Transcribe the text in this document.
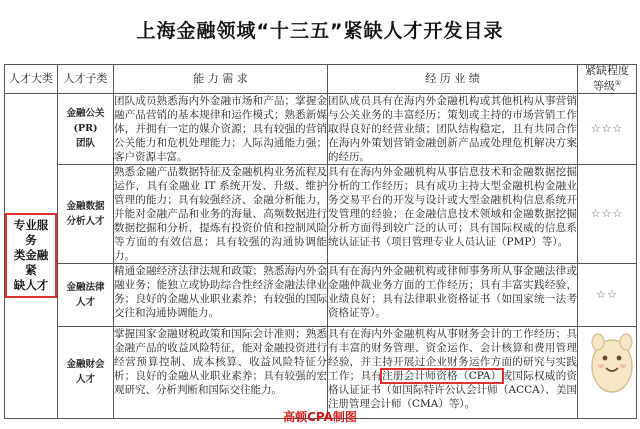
上海金融领域“十三五”紧缺人才开发目录
人才大类	人才子类	能 力 需 求	经 历 业 绩	紧缺程度
等级①
专业服务
类金融紧
缺人才	金融公关
(PR)
团队	团队成员熟悉海内外金融市场和产品；掌握金融产品营销的基本规律和运作模式；熟悉新媒体，并拥有一定的媒介资源；具有较强的营销公关能力和危机处理能力；人际沟通能力强；客户资源丰富。	团队成员具有在海内外金融机构或其他机构从事营销与公关业务的丰富经历；策划或主持的市场营销工作取得良好的经营业绩；团队结构稳定，且有共同合作在海内外策划营销金融创新产品或处理危机解决方案的经历。	☆☆☆
	金融数据
分析人才	熟悉金融产品数据特征及金融机构业务流程及运作，具有金融业 IT 系统开发、升级、维护管理的能力；具有较强经济、金融分析能力，并能对金融产品和业务的海量、高频数据进行数据挖掘和分析，提炼有投资价值和控制风险等方面的有效信息；具有较强的沟通协调能力。	具有在海内外金融机构从事信息技术和金融数据挖掘分析的工作经历；具有成功主持大型金融机构金融业务交易平台的开发与设计或大型金融机构信息系统开发管理的经验；在金融信息技术领域和金融数据挖掘分析方面得到较广泛的认可；具有国际权威的信息系统认证证书（项目管理专业人员认证（PMP）等）。	☆☆☆
	金融法律
人才	精通金融经济法律法规和政策；熟悉海内外金融业务；能独立或协助综合性经济金融法律业务；良好的金融从业职业素养；有较强的国际交往和沟通协调能力。	具有在海内外金融机构或律师事务所从事金融法律或金融仲裁业务方面的工作经历；具有丰富实践经验，业绩良好；具有法律职业资格证书（如国家统一法考资格证等）。	☆☆
	金融财会
人才	掌握国家金融财税政策和国际会计准则；熟悉金融产品的收益风险特征，能对金融投资进行经营预算控制、成本核算、收益风险特征分析；良好的金融从业职业素养；具有较强的宏观研究、分析判断和国际交往能力。	具有在海内外金融机构从事财务会计的工作经历；具有丰富的财务管理、资金运作、会计核算和费用管理经验，并主持开展过企业财务运作方面的研究与实践工作；具有注册会计师资格（CPA）或国际权威的资格认证证书（如国际特许公认会计师（ACCA）、美国注册管理会计师（CMA）等）。	
高顿CPA制图
